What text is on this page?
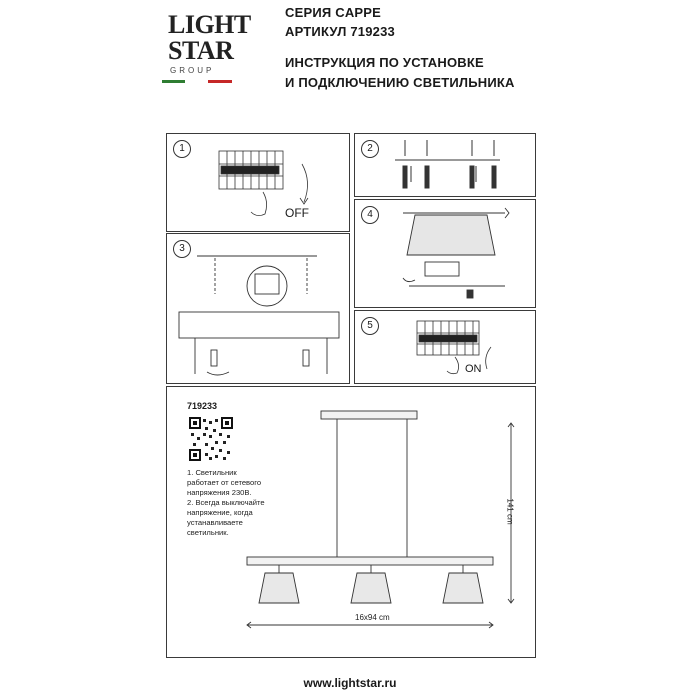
LIGHT
STAR
GROUP
СЕРИЯ CAPPE
АРТИКУЛ 719233
ИНСТРУКЦИЯ ПО УСТАНОВКЕ
И ПОДКЛЮЧЕНИЮ СВЕТИЛЬНИКА
1
OFF
2
3
4
5
ON
719233
1. Светильник
работает от сетевого
напряжения 230В.
2. Всегда выключайте
напряжение, когда
устанавливаете
светильник.
141 cm
16x94 cm
www.lightstar.ru
